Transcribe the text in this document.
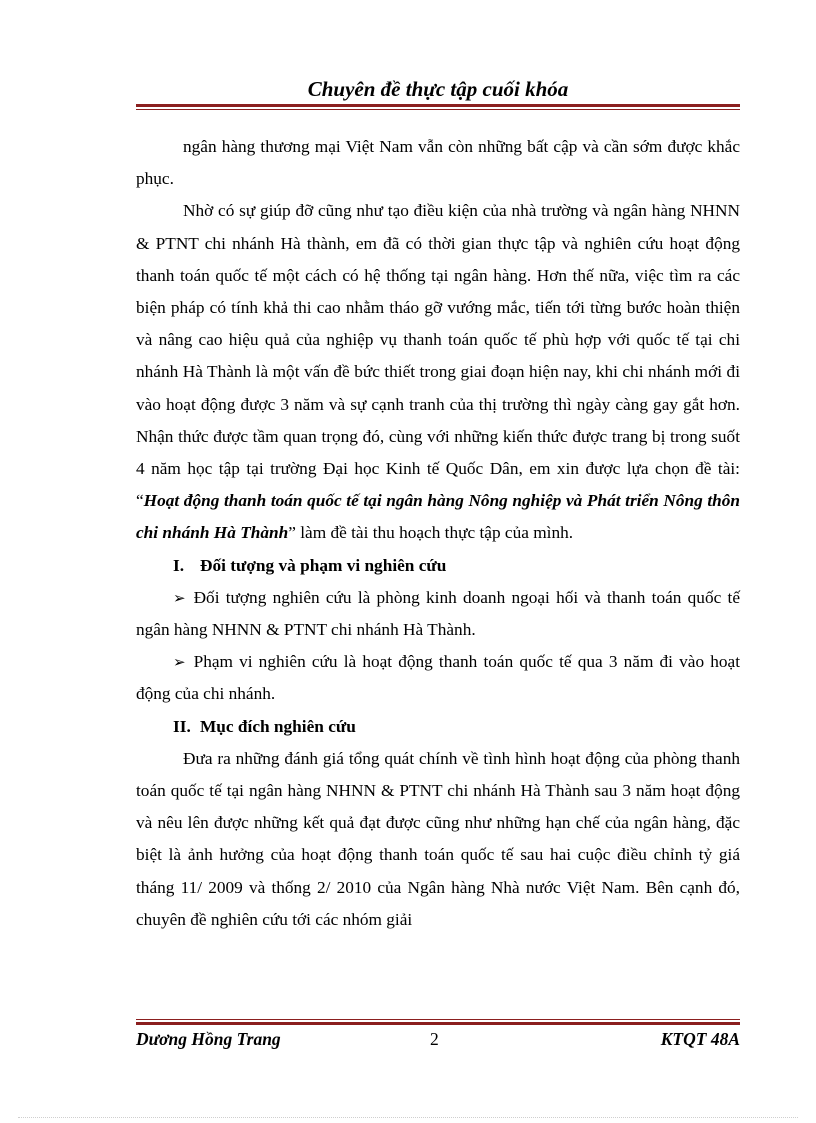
Chuyên đề thực tập cuối khóa

ngân hàng thương mại Việt Nam vẫn còn những bất cập và cần sớm được khắc phục.

Nhờ có sự giúp đỡ cũng như tạo điều kiện của nhà trường và ngân hàng NHNN & PTNT chi nhánh Hà thành, em đã có thời gian thực tập và nghiên cứu hoạt động thanh toán quốc tế một cách có hệ thống tại ngân hàng. Hơn thế nữa, việc tìm ra các biện pháp có tính khả thi cao nhằm tháo gỡ vướng mắc, tiến tới từng bước hoàn thiện và nâng cao hiệu quả của nghiệp vụ thanh toán quốc tế phù hợp với quốc tế tại chi nhánh Hà Thành là một vấn đề bức thiết trong giai đoạn hiện nay, khi chi nhánh mới đi vào hoạt động được 3 năm và sự cạnh tranh của thị trường thì ngày càng gay gắt hơn. Nhận thức được tầm quan trọng đó, cùng với những kiến thức được trang bị trong suốt 4 năm học tập tại trường Đại học Kinh tế Quốc Dân, em xin được lựa chọn đề tài: “Hoạt động thanh toán quốc tế tại ngân hàng Nông nghiệp và Phát triển Nông thôn chi nhánh Hà Thành” làm đề tài thu hoạch thực tập của mình.

I. Đối tượng và phạm vi nghiên cứu

➢ Đối tượng nghiên cứu là phòng kinh doanh ngoại hối và thanh toán quốc tế ngân hàng NHNN & PTNT chi nhánh Hà Thành.

➢ Phạm vi nghiên cứu là hoạt động thanh toán quốc tế qua 3 năm đi vào hoạt động của chi nhánh.

II. Mục đích nghiên cứu

Đưa ra những đánh giá tổng quát chính về tình hình hoạt động của phòng thanh toán quốc tế tại ngân hàng NHNN & PTNT chi nhánh Hà Thành sau 3 năm hoạt động và nêu lên được những kết quả đạt được cũng như những hạn chế của ngân hàng, đặc biệt là ảnh hưởng của hoạt động thanh toán quốc tế sau hai cuộc điều chỉnh tỷ giá tháng 11/ 2009 và thống 2/ 2010 của Ngân hàng Nhà nước Việt Nam. Bên cạnh đó, chuyên đề nghiên cứu tới các nhóm giải

Dương Hồng Trang	2	KTQT 48A
